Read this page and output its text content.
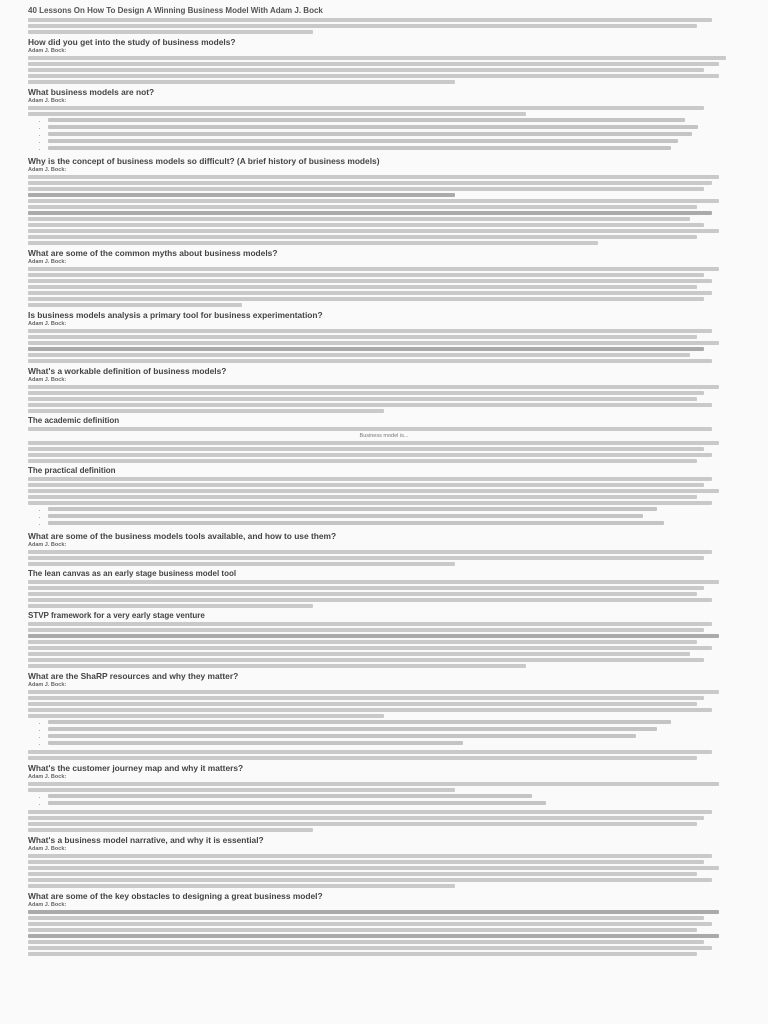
40 Lessons On How To Design A Winning Business Model With Adam J. Bock
How did you get into the study of business models?
Adam J. Bock:
What business models are not?
Adam J. Bock:
•
•
•
•
•
Why is the concept of business models so difficult? (A brief history of business models)
Adam J. Bock:
What are some of the common myths about business models?
Adam J. Bock:
Is business models analysis a primary tool for business experimentation?
Adam J. Bock:
What's a workable definition of business models?
Adam J. Bock:
The academic definition
Business model is...
The practical definition
•
•
•
What are some of the business models tools available, and how to use them?
Adam J. Bock:
The lean canvas as an early stage business model tool
STVP framework for a very early stage venture
What are the ShaRP resources and why they matter?
Adam J. Bock:
•
•
•
•
What's the customer journey map and why it matters?
Adam J. Bock:
•
•
What's a business model narrative, and why it is essential?
Adam J. Bock:
What are some of the key obstacles to designing a great business model?
Adam J. Bock:
